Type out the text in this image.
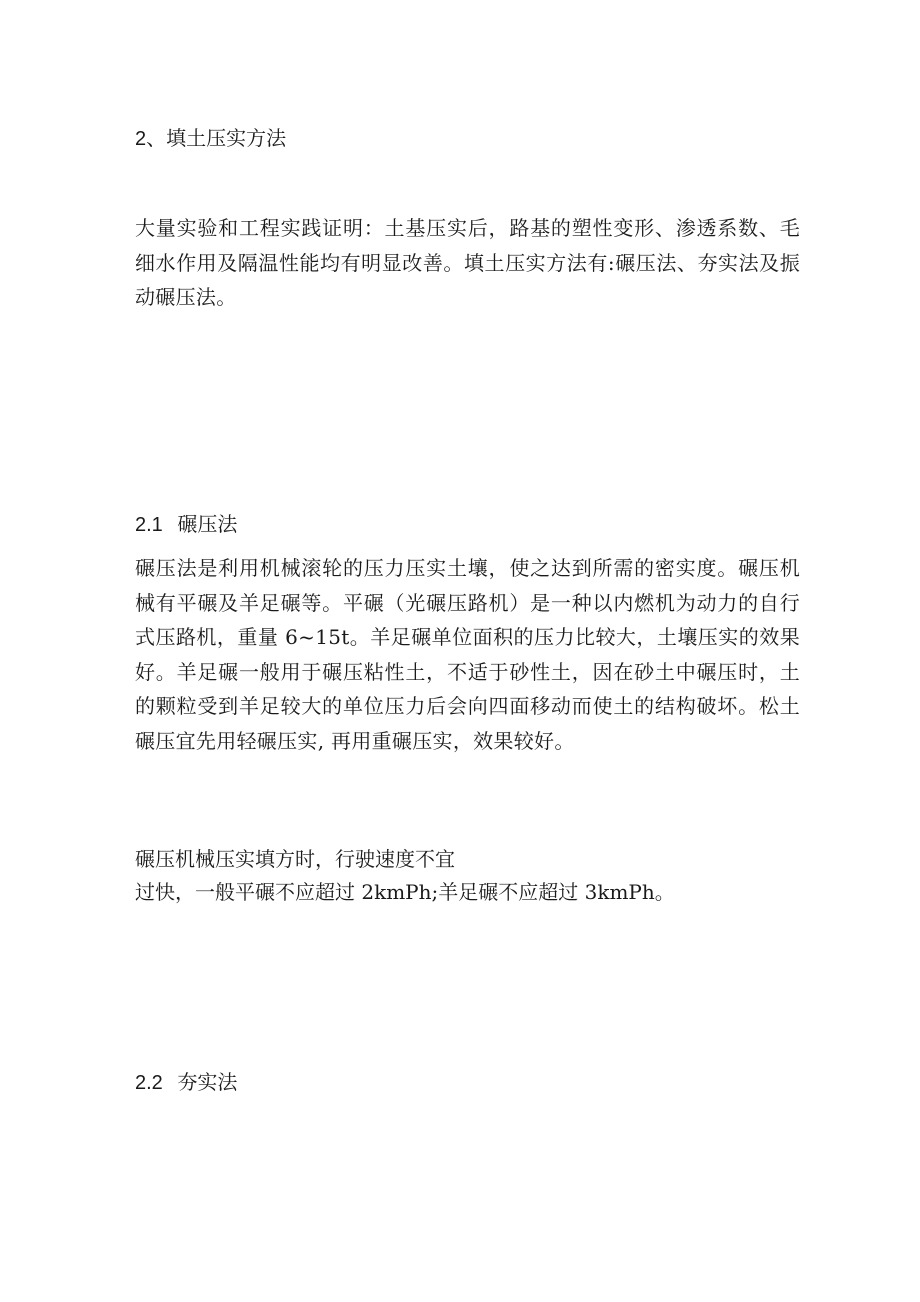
2、填土压实方法

大量实验和工程实践证明：土基压实后，路基的塑性变形、渗透系数、毛细水作用及隔温性能均有明显改善。填土压实方法有:碾压法、夯实法及振动碾压法。

2.1 碾压法

碾压法是利用机械滚轮的压力压实土壤，使之达到所需的密实度。碾压机械有平碾及羊足碾等。平碾（光碾压路机）是一种以内燃机为动力的自行式压路机，重量 6~15t。羊足碾单位面积的压力比较大，土壤压实的效果好。羊足碾一般用于碾压粘性土，不适于砂性土，因在砂土中碾压时，土的颗粒受到羊足较大的单位压力后会向四面移动而使土的结构破坏。松土碾压宜先用轻碾压实, 再用重碾压实，效果较好。

碾压机械压实填方时，行驶速度不宜
过快，一般平碾不应超过 2kmPh;羊足碾不应超过 3kmPh。
2.2 夯实法
